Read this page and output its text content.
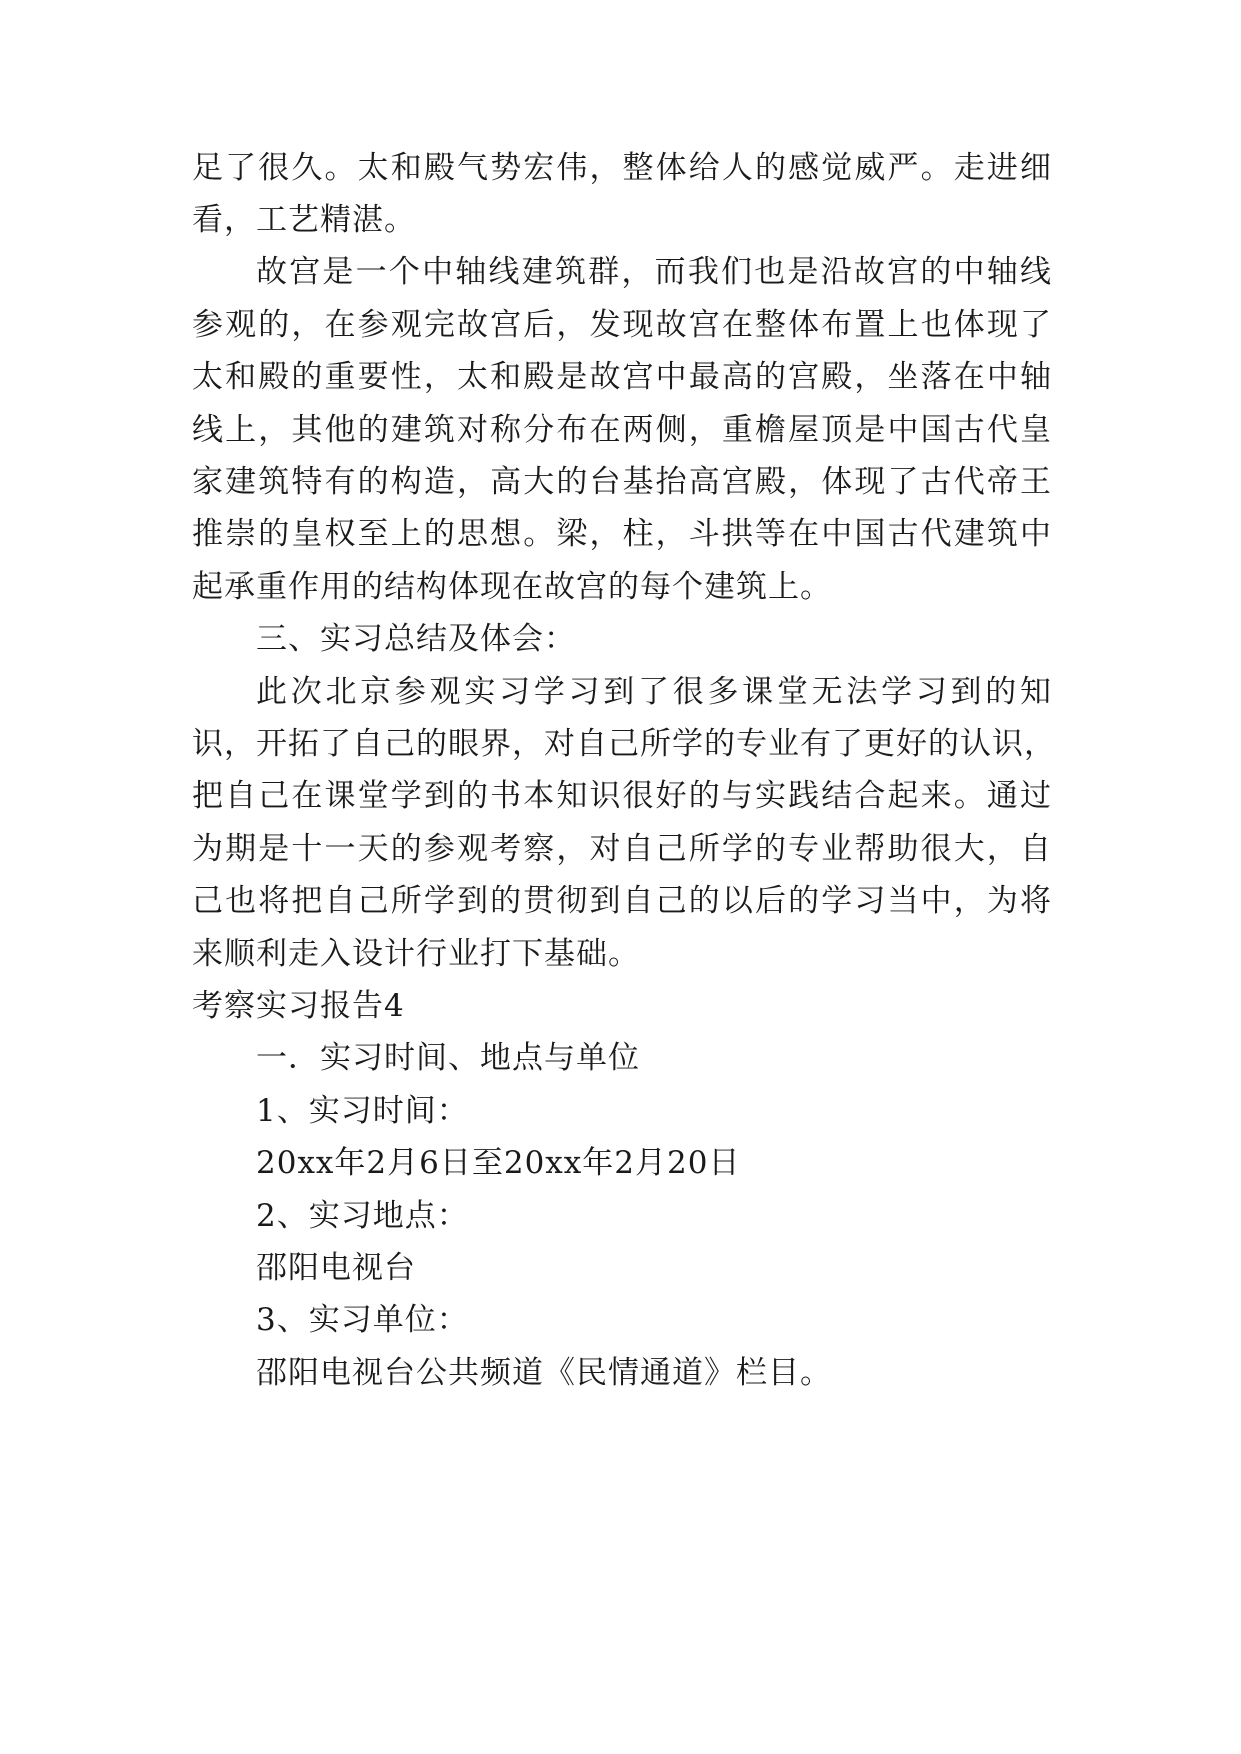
足了很久。太和殿气势宏伟，整体给人的感觉威严。走进细

看，工艺精湛。

故宫是一个中轴线建筑群，而我们也是沿故宫的中轴线

参观的，在参观完故宫后，发现故宫在整体布置上也体现了

太和殿的重要性，太和殿是故宫中最高的宫殿，坐落在中轴

线上，其他的建筑对称分布在两侧，重檐屋顶是中国古代皇

家建筑特有的构造，高大的台基抬高宫殿，体现了古代帝王

推崇的皇权至上的思想。梁，柱，斗拱等在中国古代建筑中

起承重作用的结构体现在故宫的每个建筑上。

三、实习总结及体会：

此次北京参观实习学习到了很多课堂无法学习到的知

识，开拓了自己的眼界，对自己所学的专业有了更好的认识，

把自己在课堂学到的书本知识很好的与实践结合起来。通过

为期是十一天的参观考察，对自己所学的专业帮助很大，自

己也将把自己所学到的贯彻到自己的以后的学习当中，为将

来顺利走入设计行业打下基础。

考察实习报告4

一．实习时间、地点与单位

1、实习时间：

20xx年2月6日至20xx年2月20日

2、实习地点：

邵阳电视台

3、实习单位：

邵阳电视台公共频道《民情通道》栏目。
